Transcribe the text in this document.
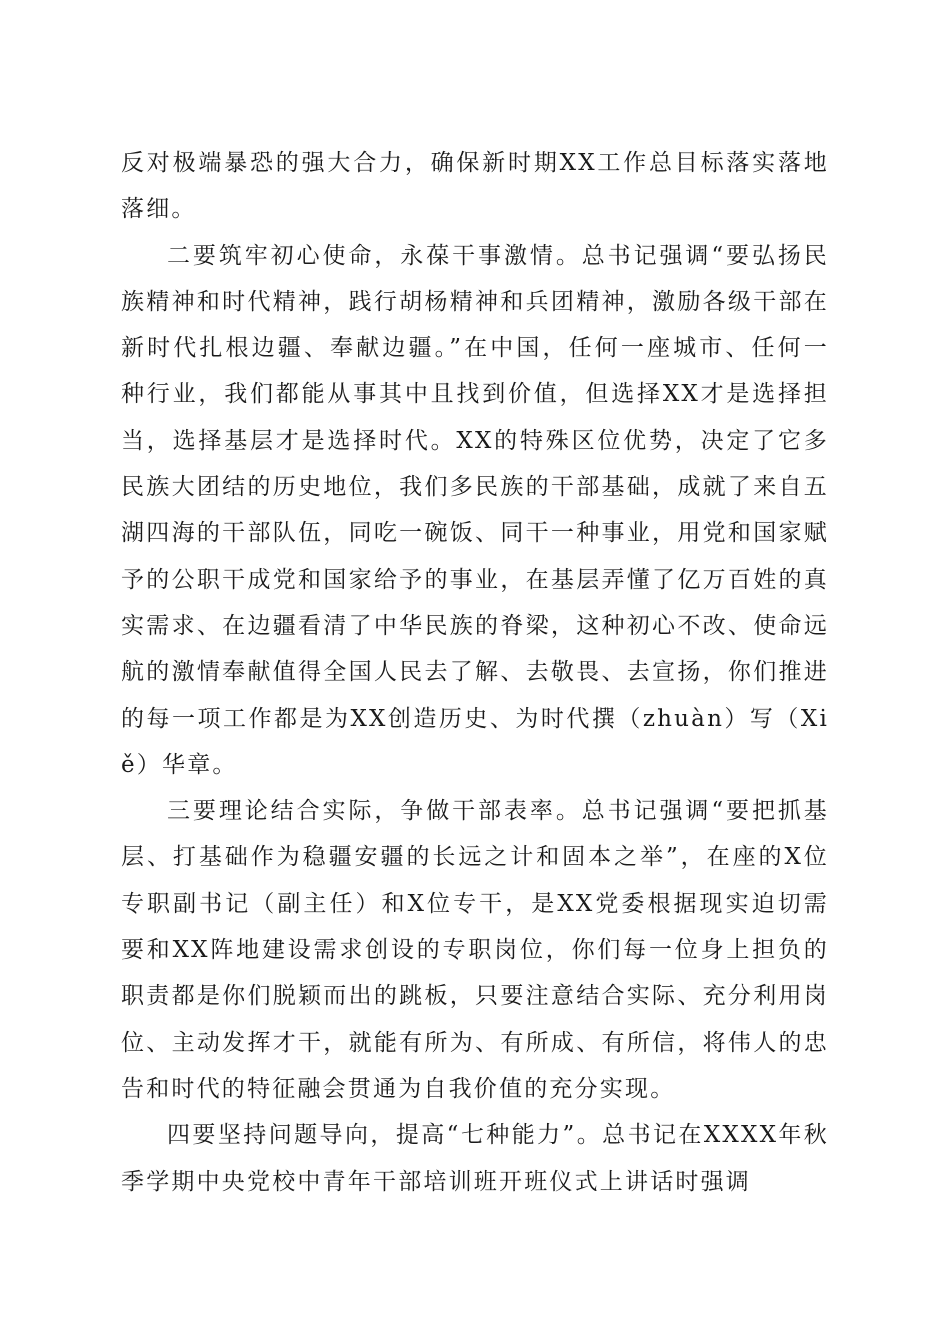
反对极端暴恐的强大合力，确保新时期XX工作总目标落实落地落细。

二要筑牢初心使命，永葆干事激情。总书记强调“要弘扬民族精神和时代精神，践行胡杨精神和兵团精神，激励各级干部在新时代扎根边疆、奉献边疆。”在中国，任何一座城市、任何一种行业，我们都能从事其中且找到价值，但选择XX才是选择担当，选择基层才是选择时代。XX的特殊区位优势，决定了它多民族大团结的历史地位，我们多民族的干部基础，成就了来自五湖四海的干部队伍，同吃一碗饭、同干一种事业，用党和国家赋予的公职干成党和国家给予的事业，在基层弄懂了亿万百姓的真实需求、在边疆看清了中华民族的脊梁，这种初心不改、使命远航的激情奉献值得全国人民去了解、去敬畏、去宣扬，你们推进的每一项工作都是为XX创造历史、为时代撰（zhuàn）写（Xiě）华章。

三要理论结合实际，争做干部表率。总书记强调“要把抓基层、打基础作为稳疆安疆的长远之计和固本之举”，在座的X位专职副书记（副主任）和X位专干，是XX党委根据现实迫切需要和XX阵地建设需求创设的专职岗位，你们每一位身上担负的职责都是你们脱颖而出的跳板，只要注意结合实际、充分利用岗位、主动发挥才干，就能有所为、有所成、有所信，将伟人的忠告和时代的特征融会贯通为自我价值的充分实现。

四要坚持问题导向，提高“七种能力”。总书记在XXXX年秋季学期中央党校中青年干部培训班开班仪式上讲话时强调
